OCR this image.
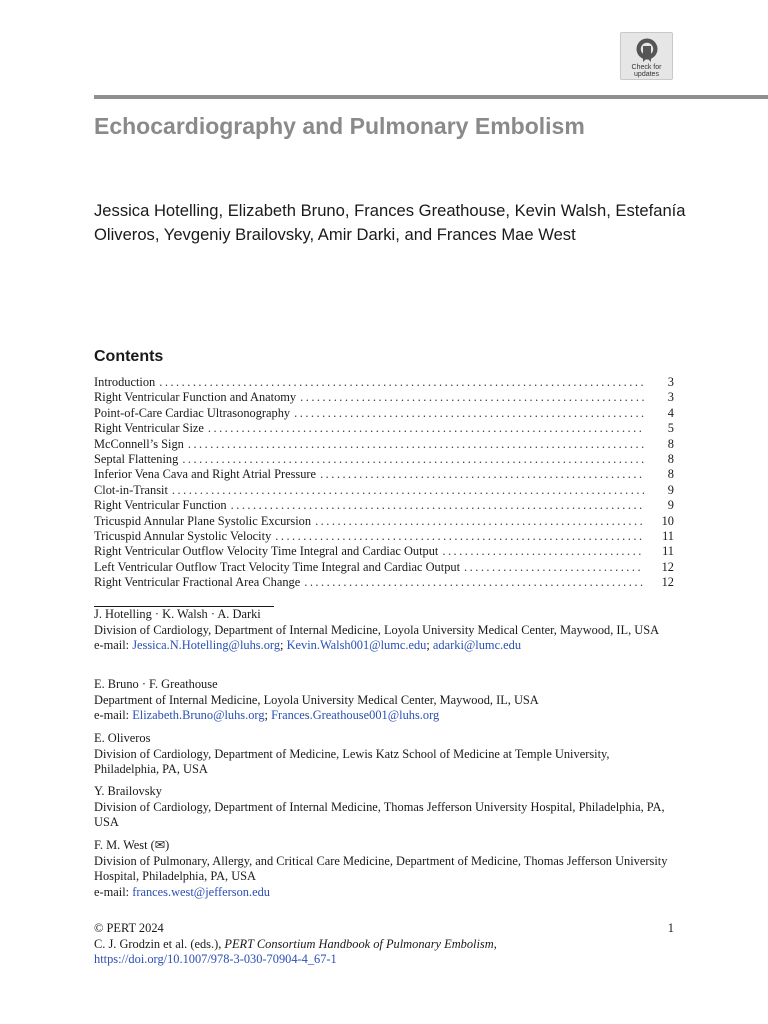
Check for
updates
Echocardiography and Pulmonary Embolism

Jessica Hotelling, Elizabeth Bruno, Frances Greathouse, Kevin Walsh, Estefanía Oliveros, Yevgeniy Brailovsky, Amir Darki, and Frances Mae West

Contents
Introduction . . .	3
Right Ventricular Function and Anatomy . . .	3
Point-of-Care Cardiac Ultrasonography . . .	4
Right Ventricular Size . . .	5
McConnell’s Sign . . .	8
Septal Flattening . . .	8
Inferior Vena Cava and Right Atrial Pressure . . .	8
Clot-in-Transit . . .	9
Right Ventricular Function . . .	9
Tricuspid Annular Plane Systolic Excursion . . .	10
Tricuspid Annular Systolic Velocity . . .	11
Right Ventricular Outflow Velocity Time Integral and Cardiac Output . . .	11
Left Ventricular Outflow Tract Velocity Time Integral and Cardiac Output . . .	12
Right Ventricular Fractional Area Change . . .	12

J. Hotelling · K. Walsh · A. Darki

Division of Cardiology, Department of Internal Medicine, Loyola University Medical Center, Maywood, IL, USA

e-mail: Jessica.N.Hotelling@luhs.org; Kevin.Walsh001@lumc.edu; adarki@lumc.edu

E. Bruno · F. Greathouse

Department of Internal Medicine, Loyola University Medical Center, Maywood, IL, USA

e-mail: Elizabeth.Bruno@luhs.org; Frances.Greathouse001@luhs.org

E. Oliveros

Division of Cardiology, Department of Medicine, Lewis Katz School of Medicine at Temple University, Philadelphia, PA, USA

Y. Brailovsky

Division of Cardiology, Department of Internal Medicine, Thomas Jefferson University Hospital, Philadelphia, PA, USA

F. M. West (✉)

Division of Pulmonary, Allergy, and Critical Care Medicine, Department of Medicine, Thomas Jefferson University Hospital, Philadelphia, PA, USA

e-mail: frances.west@jefferson.edu

© PERT 2024

C. J. Grodzin et al. (eds.), PERT Consortium Handbook of Pulmonary Embolism,

https://doi.org/10.1007/978-3-030-70904-4_67-1

1
